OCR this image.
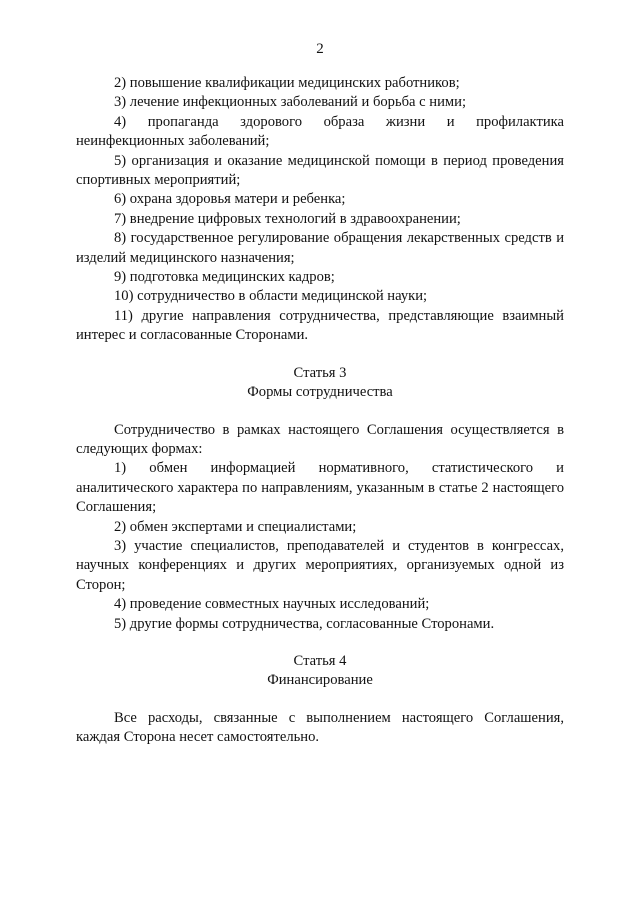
2

2) повышение квалификации медицинских работников;

3) лечение инфекционных заболеваний и борьба с ними;

4) пропаганда здорового образа жизни и профилактика неинфекционных заболеваний;

5) организация и оказание медицинской помощи в период проведения спортивных мероприятий;

6) охрана здоровья матери и ребенка;

7) внедрение цифровых технологий в здравоохранении;

8) государственное регулирование обращения лекарственных средств и изделий медицинского назначения;

9) подготовка медицинских кадров;

10) сотрудничество в области медицинской науки;

11) другие направления сотрудничества, представляющие взаимный интерес и согласованные Сторонами.

Статья 3

Формы сотрудничества

Сотрудничество в рамках настоящего Соглашения осуществляется в следующих формах:

1) обмен информацией нормативного, статистического и аналитического характера по направлениям, указанным в статье 2 настоящего Соглашения;

2) обмен экспертами и специалистами;

3) участие специалистов, преподавателей и студентов в конгрессах, научных конференциях и других мероприятиях, организуемых одной из Сторон;

4) проведение совместных научных исследований;

5) другие формы сотрудничества, согласованные Сторонами.

Статья 4

Финансирование

Все расходы, связанные с выполнением настоящего Соглашения, каждая Сторона несет самостоятельно.
